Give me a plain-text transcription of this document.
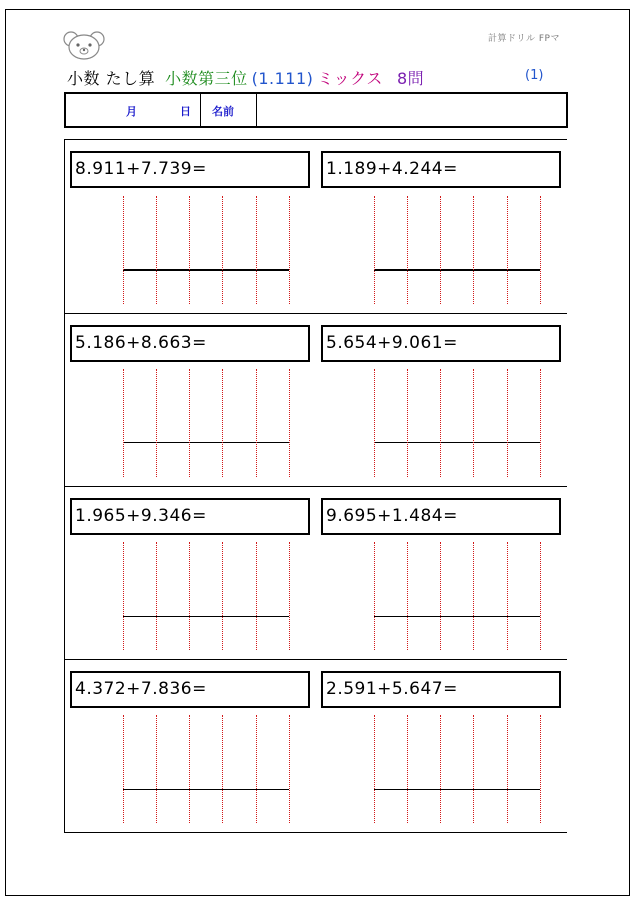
計算ドリル FPマ
小数 たし算 小数第三位 (1.111) ミックス 8問	(1)
月	日 名前
8.911+7.739=	1.189+4.244=
5.186+8.663=	5.654+9.061=
1.965+9.346=	9.695+1.484=
4.372+7.836=	2.591+5.647=
